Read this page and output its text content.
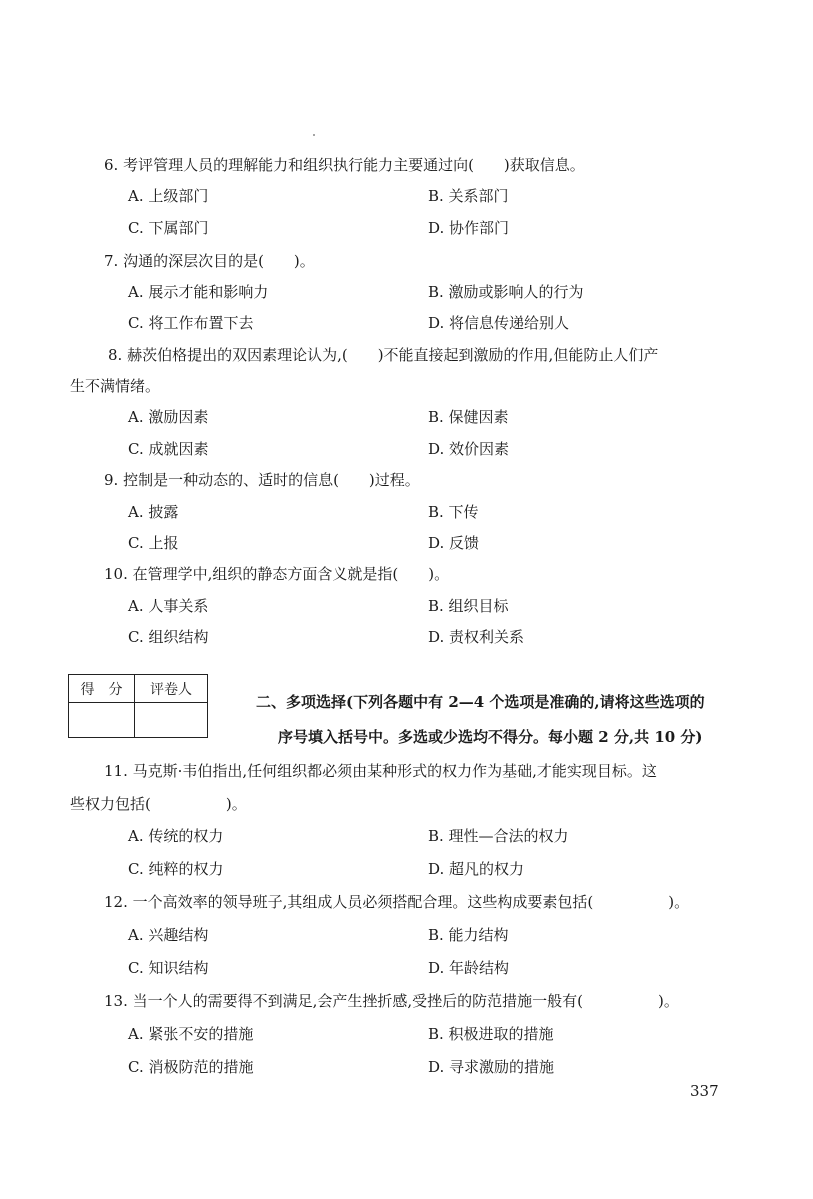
6. 考评管理人员的理解能力和组织执行能力主要通过向(　　)获取信息。
A. 上级部门	B. 关系部门
C. 下属部门	D. 协作部门
7. 沟通的深层次目的是(　　)。
A. 展示才能和影响力	B. 激励或影响人的行为
C. 将工作布置下去	D. 将信息传递给别人
8. 赫茨伯格提出的双因素理论认为,(　　)不能直接起到激励的作用,但能防止人们产
生不满情绪。
A. 激励因素	B. 保健因素
C. 成就因素	D. 效价因素
9. 控制是一种动态的、适时的信息(　　)过程。
A. 披露	B. 下传
C. 上报	D. 反馈
10. 在管理学中,组织的静态方面含义就是指(　　)。
A. 人事关系	B. 组织目标
C. 组织结构	D. 责权利关系
得　分	评卷人
二、多项选择(下列各题中有 2—4 个选项是准确的,请将这些选项的
序号填入括号中。多选或少选均不得分。每小题 2 分,共 10 分)
11. 马克斯·韦伯指出,任何组织都必须由某种形式的权力作为基础,才能实现目标。这
些权力包括(　　　　　)。
A. 传统的权力	B. 理性—合法的权力
C. 纯粹的权力	D. 超凡的权力
12. 一个高效率的领导班子,其组成人员必须搭配合理。这些构成要素包括(　　　　　)。
A. 兴趣结构	B. 能力结构
C. 知识结构	D. 年龄结构
13. 当一个人的需要得不到满足,会产生挫折感,受挫后的防范措施一般有(　　　　　)。
A. 紧张不安的措施	B. 积极进取的措施
C. 消极防范的措施	D. 寻求激励的措施
337
